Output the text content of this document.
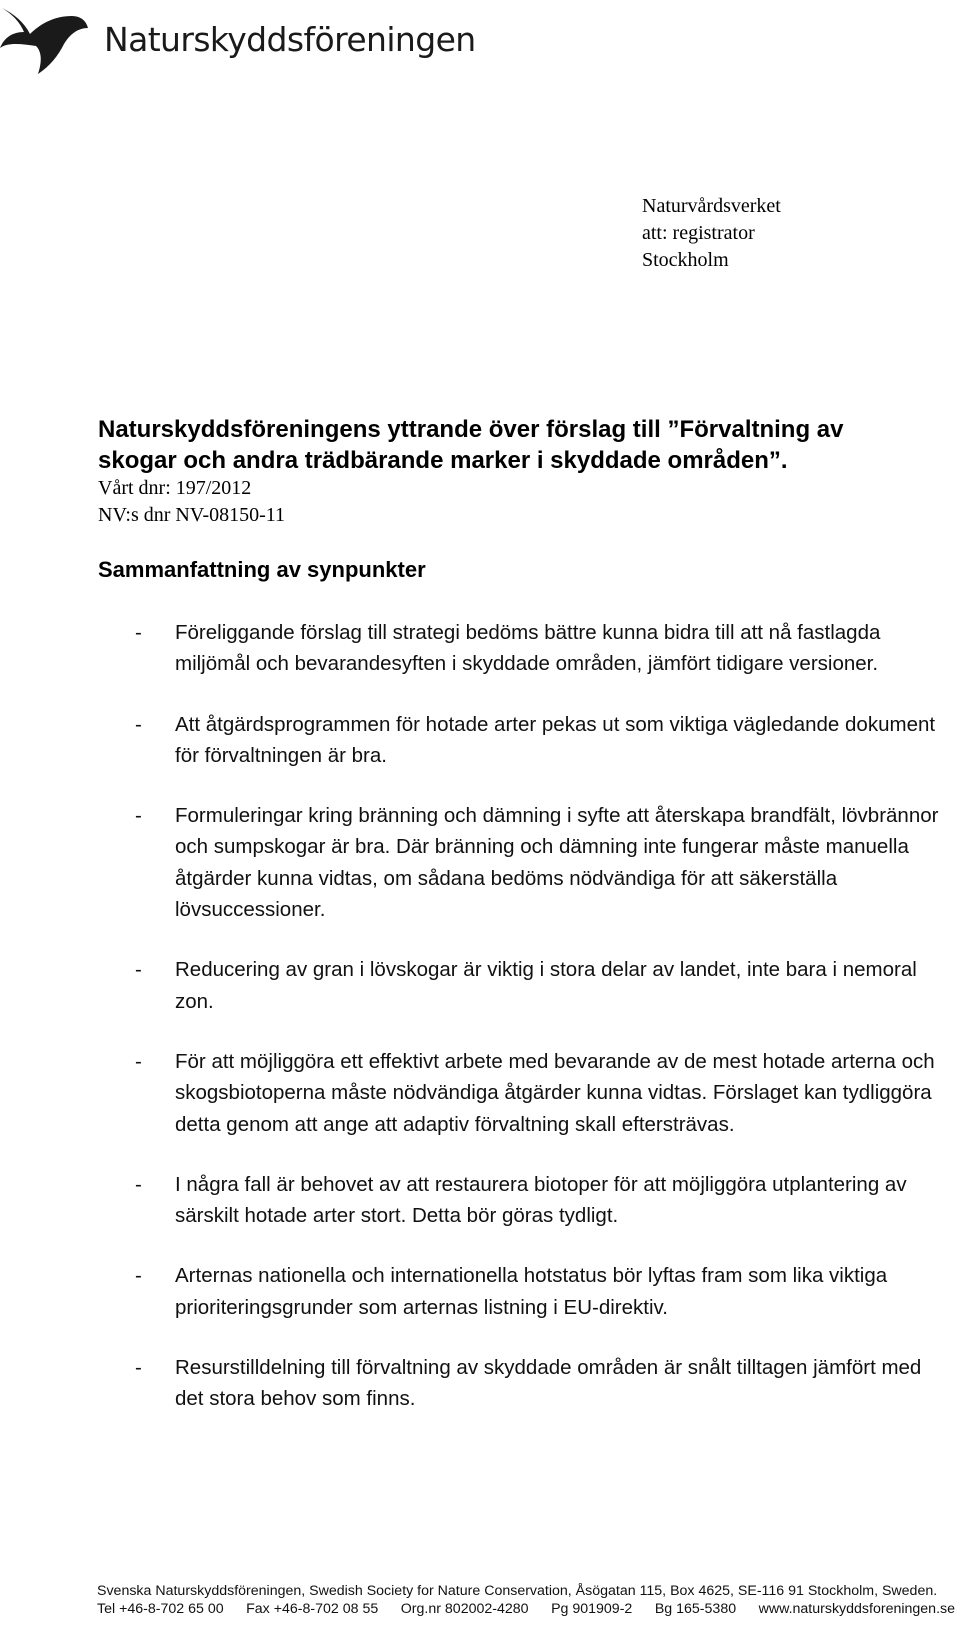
Naturskyddsföreningen
Naturvårdsverket
att: registrator
Stockholm
Naturskyddsföreningens yttrande över förslag till ”Förvaltning av skogar och andra trädbärande marker i skyddade områden”.
Vårt dnr: 197/2012
NV:s dnr NV-08150-11
Sammanfattning av synpunkter
- Föreliggande förslag till strategi bedöms bättre kunna bidra till att nå fastlagda miljömål och bevarandesyften i skyddade områden, jämfört tidigare versioner.
- Att åtgärdsprogrammen för hotade arter pekas ut som viktiga vägledande dokument för förvaltningen är bra.
- Formuleringar kring bränning och dämning i syfte att återskapa brandfält, lövbrännor och sumpskogar är bra. Där bränning och dämning inte fungerar måste manuella åtgärder kunna vidtas, om sådana bedöms nödvändiga för att säkerställa lövsuccessioner.
- Reducering av gran i lövskogar är viktig i stora delar av landet, inte bara i nemoral zon.
- För att möjliggöra ett effektivt arbete med bevarande av de mest hotade arterna och skogsbiotoperna måste nödvändiga åtgärder kunna vidtas. Förslaget kan tydliggöra detta genom att ange att adaptiv förvaltning skall eftersträvas.
- I några fall är behovet av att restaurera biotoper för att möjliggöra utplantering av särskilt hotade arter stort. Detta bör göras tydligt.
- Arternas nationella och internationella hotstatus bör lyftas fram som lika viktiga prioriteringsgrunder som arternas listning i EU-direktiv.
- Resurstilldelning till förvaltning av skyddade områden är snålt tilltagen jämfört med det stora behov som finns.
Svenska Naturskyddsföreningen, Swedish Society for Nature Conservation, Åsögatan 115, Box 4625, SE-116 91 Stockholm, Sweden.
Tel +46-8-702 65 00 Fax +46-8-702 08 55 Org.nr 802002-4280 Pg 901909-2 Bg 165-5380 www.naturskyddsforeningen.se
